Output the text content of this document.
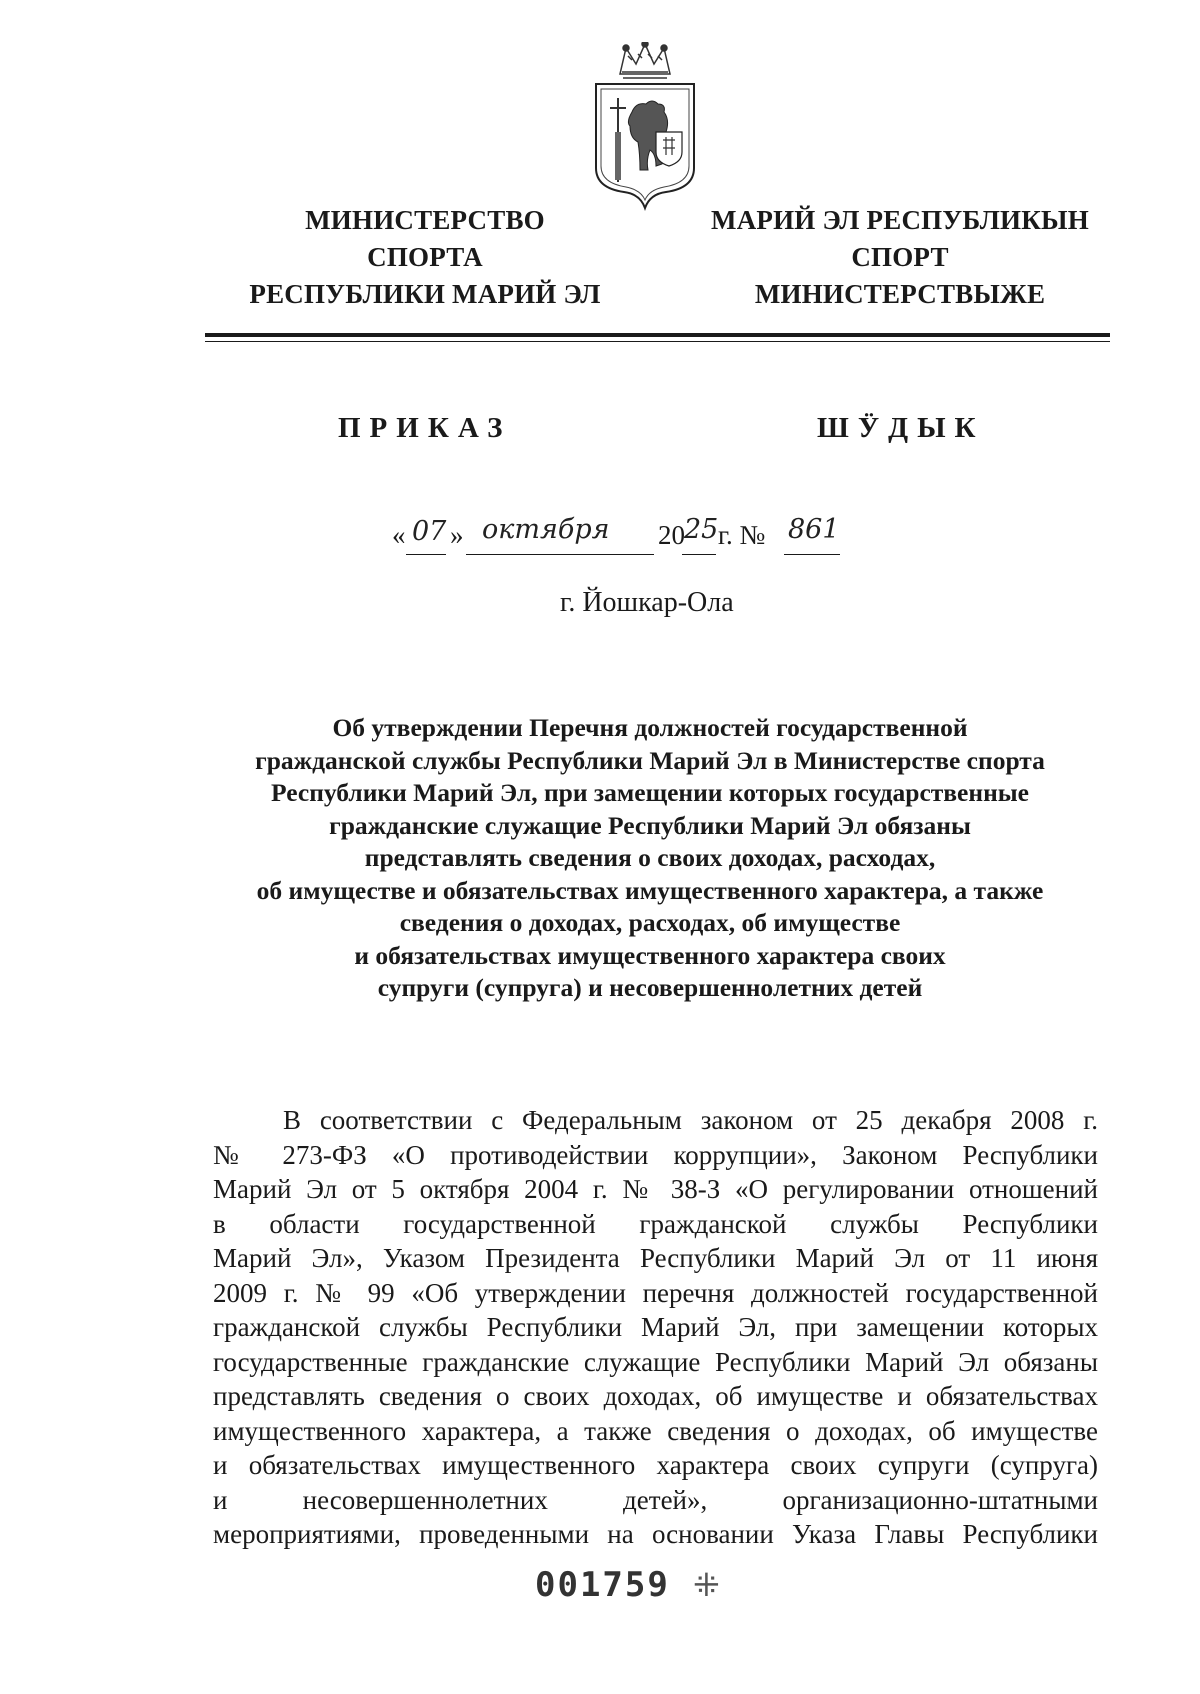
МИНИСТЕРСТВО
СПОРТА
РЕСПУБЛИКИ МАРИЙ ЭЛ
МАРИЙ ЭЛ РЕСПУБЛИКЫН
СПОРТ
МИНИСТЕРСТВЫЖЕ
ПРИКАЗ	ШӰДЫК
« 07 » октября 20 25 г. № 861
г. Йошкар-Ола
Об утверждении Перечня должностей государственной
гражданской службы Республики Марий Эл в Министерстве спорта
Республики Марий Эл, при замещении которых государственные
гражданские служащие Республики Марий Эл обязаны
представлять сведения о своих доходах, расходах,
об имуществе и обязательствах имущественного характера, а также
сведения о доходах, расходах, об имуществе
и обязательствах имущественного характера своих
супруги (супруга) и несовершеннолетних детей
В соответствии с Федеральным законом от 25 декабря 2008 г.
№ 273-ФЗ «О противодействии коррупции», Законом Республики
Марий Эл от 5 октября 2004 г. № 38-З «О регулировании отношений
в области государственной гражданской службы Республики
Марий Эл», Указом Президента Республики Марий Эл от 11 июня
2009 г. № 99 «Об утверждении перечня должностей государственной
гражданской службы Республики Марий Эл, при замещении которых
государственные гражданские служащие Республики Марий Эл обязаны
представлять сведения о своих доходах, об имуществе и обязательствах
имущественного характера, а также сведения о доходах, об имуществе
и обязательствах имущественного характера своих супруги (супруга)
и несовершеннолетних детей», организационно-штатными
мероприятиями, проведенными на основании Указа Главы Республики
001759 ⁜
